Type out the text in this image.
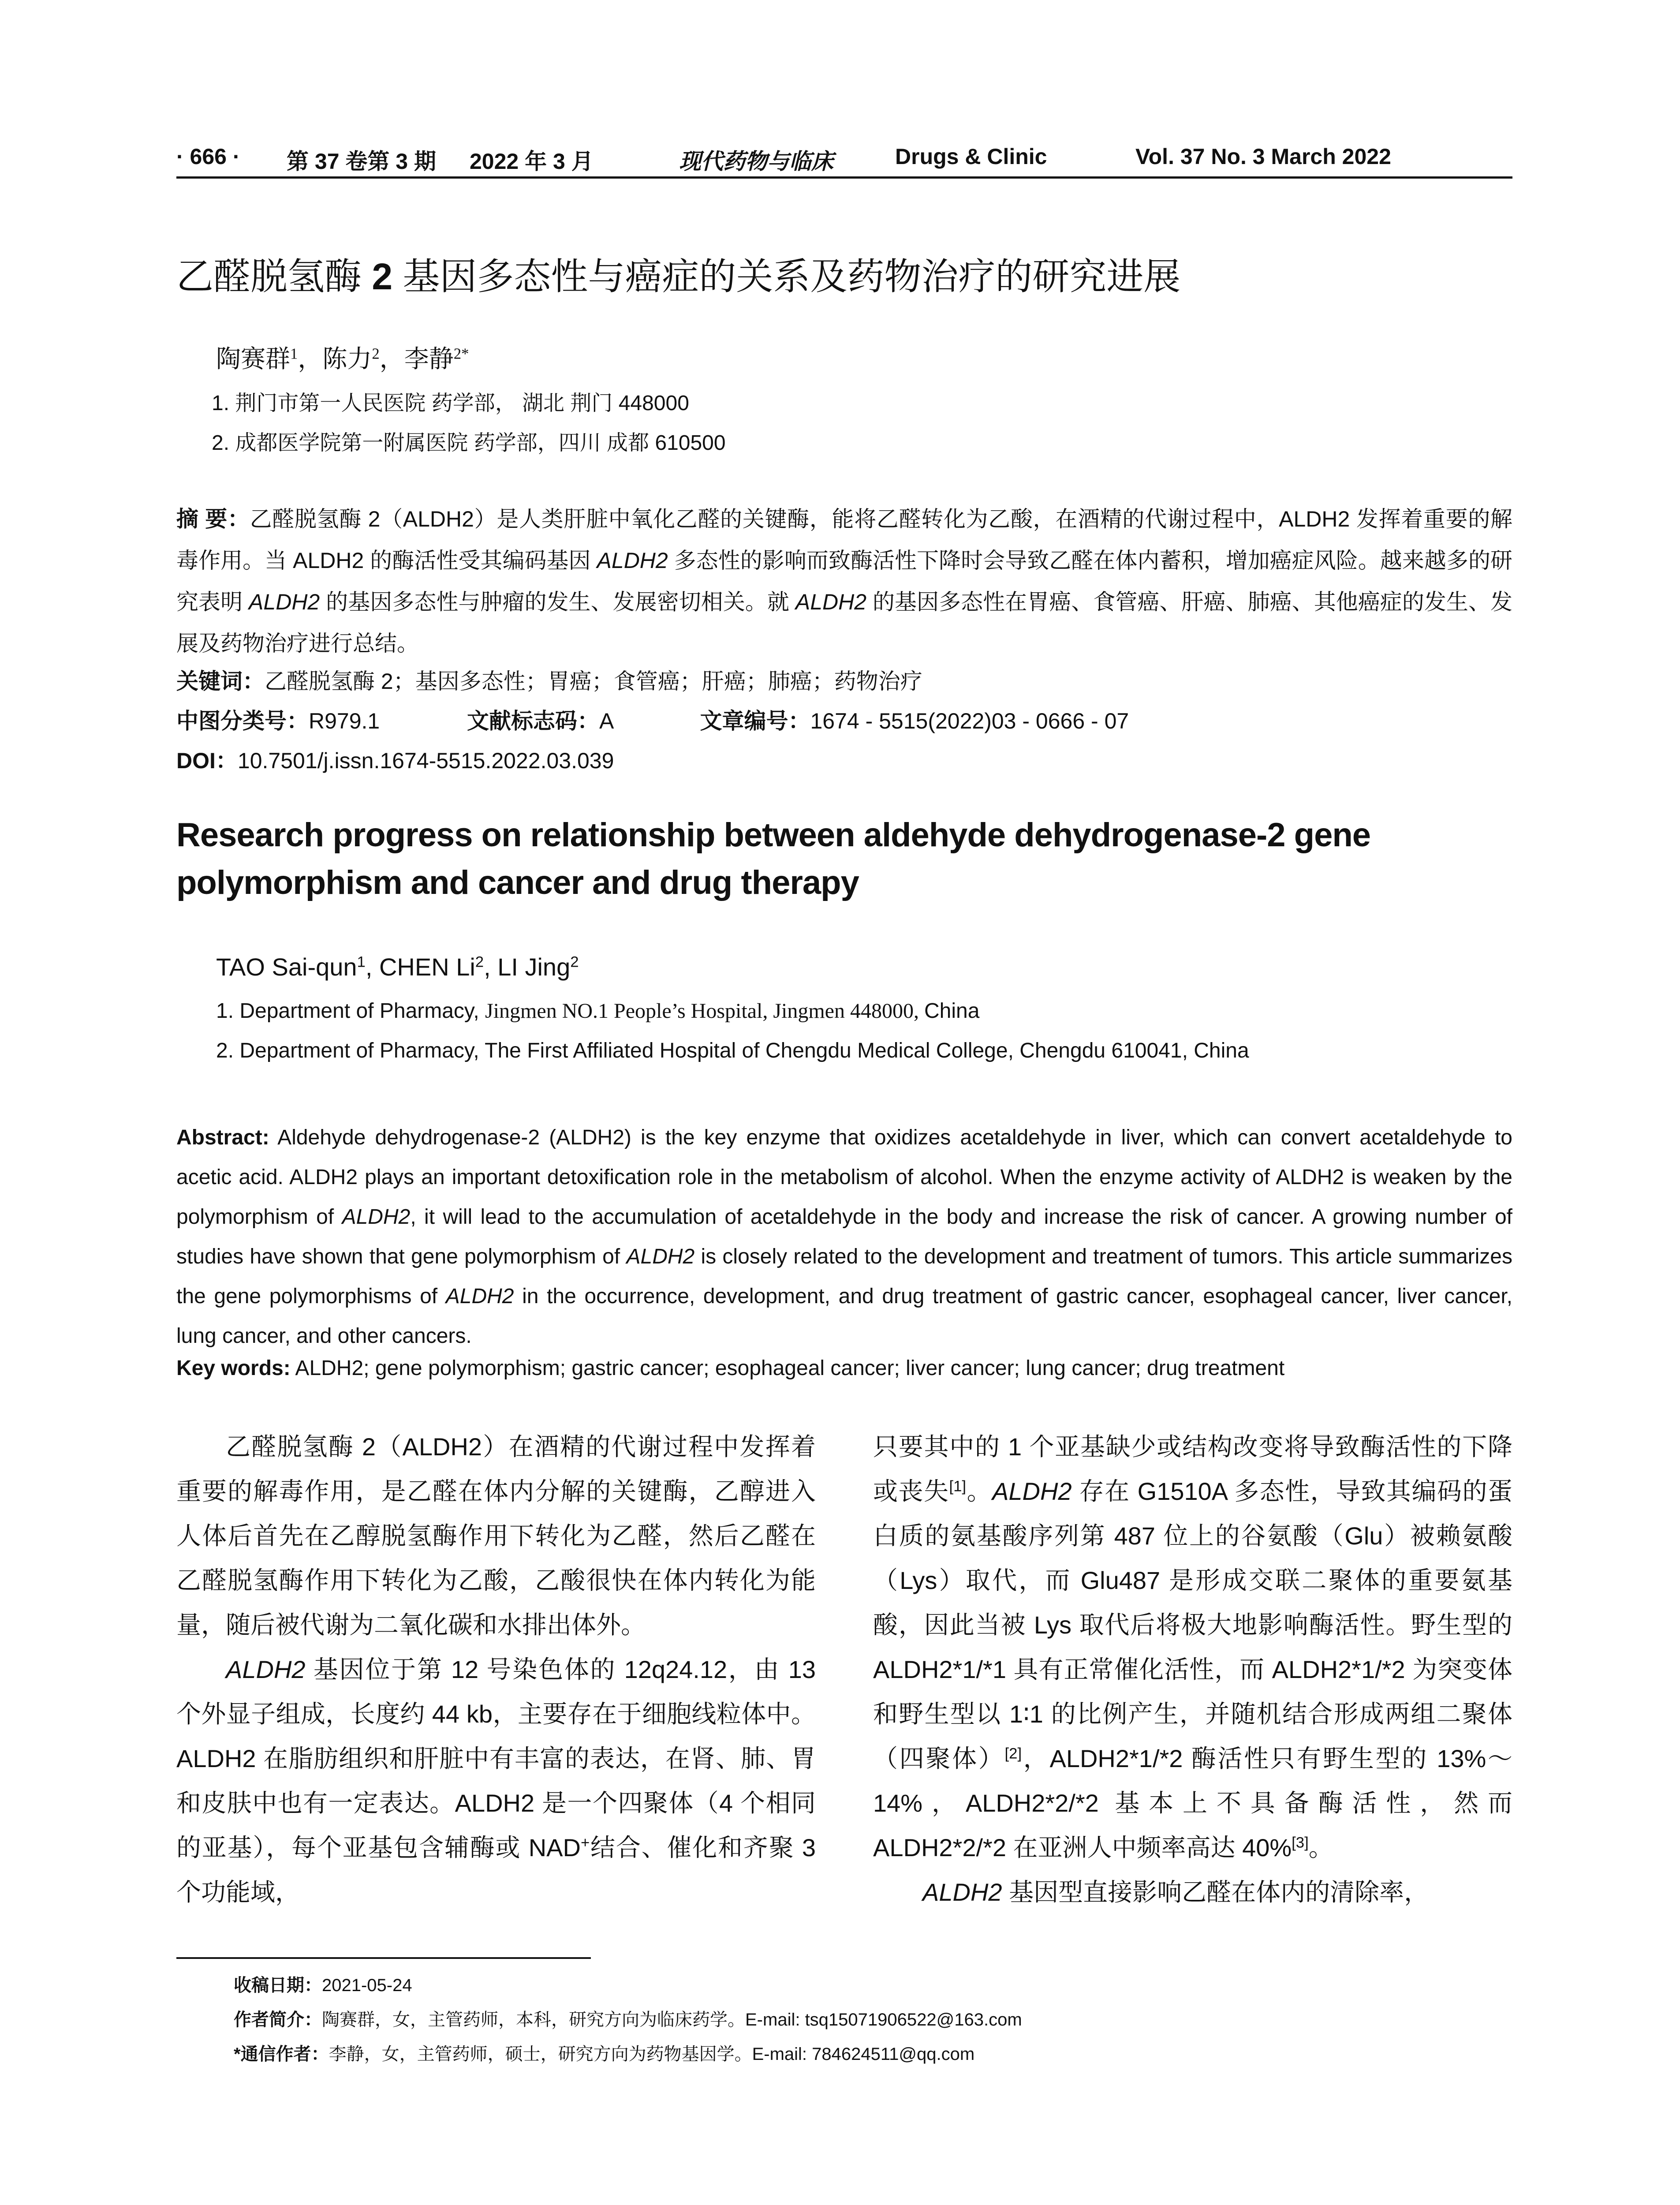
· 666 · 第 37 卷第 3 期 2022 年 3 月	现代药物与临床	Drugs & Clinic	Vol. 37 No. 3 March 2022
乙醛脱氢酶 2 基因多态性与癌症的关系及药物治疗的研究进展
陶赛群$^1$，陈力$^2$，李静$^{2*}$
1. 荆门市第一人民医院 药学部， 湖北 荆门 448000
2. 成都医学院第一附属医院 药学部，四川 成都 610500
摘 要：乙醛脱氢酶 2（ALDH2）是人类肝脏中氧化乙醛的关键酶，能将乙醛转化为乙酸，在酒精的代谢过程中，ALDH2 发挥着重要的解毒作用。当 ALDH2 的酶活性受其编码基因 ALDH2 多态性的影响而致酶活性下降时会导致乙醛在体内蓄积，增加癌症风险。越来越多的研究表明 ALDH2 的基因多态性与肿瘤的发生、发展密切相关。就 ALDH2 的基因多态性在胃癌、食管癌、肝癌、肺癌、其他癌症的发生、发展及药物治疗进行总结。
关键词：乙醛脱氢酶 2；基因多态性；胃癌；食管癌；肝癌；肺癌；药物治疗
中图分类号：R979.1	文献标志码：A	文章编号：1674 - 5515(2022)03 - 0666 - 07
DOI：10.7501/j.issn.1674-5515.2022.03.039
Research progress on relationship between aldehyde dehydrogenase-2 gene polymorphism and cancer and drug therapy
TAO Sai-qun$^1$, CHEN Li$^2$, LI Jing$^2$
1. Department of Pharmacy, Jingmen NO.1 People’s Hospital, Jingmen 448000, China
2. Department of Pharmacy, The First Affiliated Hospital of Chengdu Medical College, Chengdu 610041, China
Abstract: Aldehyde dehydrogenase-2 (ALDH2) is the key enzyme that oxidizes acetaldehyde in liver, which can convert acetaldehyde to acetic acid. ALDH2 plays an important detoxification role in the metabolism of alcohol. When the enzyme activity of ALDH2 is weaken by the polymorphism of ALDH2, it will lead to the accumulation of acetaldehyde in the body and increase the risk of cancer. A growing number of studies have shown that gene polymorphism of ALDH2 is closely related to the development and treatment of tumors. This article summarizes the gene polymorphisms of ALDH2 in the occurrence, development, and drug treatment of gastric cancer, esophageal cancer, liver cancer, lung cancer, and other cancers.
Key words: ALDH2; gene polymorphism; gastric cancer; esophageal cancer; liver cancer; lung cancer; drug treatment

乙醛脱氢酶 2（ALDH2）在酒精的代谢过程中发挥着重要的解毒作用，是乙醛在体内分解的关键酶，乙醇进入人体后首先在乙醇脱氢酶作用下转化为乙醛，然后乙醛在乙醛脱氢酶作用下转化为乙酸，乙酸很快在体内转化为能量，随后被代谢为二氧化碳和水排出体外。

ALDH2 基因位于第 12 号染色体的 12q24.12，由 13 个外显子组成，长度约 44 kb，主要存在于细胞线粒体中。ALDH2 在脂肪组织和肝脏中有丰富的表达，在肾、肺、胃和皮肤中也有一定表达。ALDH2 是一个四聚体（4 个相同的亚基），每个亚基包含辅酶或 NAD+结合、催化和齐聚 3 个功能域，

只要其中的 1 个亚基缺少或结构改变将导致酶活性的下降或丧失[1]。ALDH2 存在 G1510A 多态性，导致其编码的蛋白质的氨基酸序列第 487 位上的谷氨酸（Glu）被赖氨酸（Lys）取代，而 Glu487 是形成交联二聚体的重要氨基酸，因此当被 Lys 取代后将极大地影响酶活性。野生型的 ALDH2*1/*1 具有正常催化活性，而 ALDH2*1/*2 为突变体和野生型以 1∶1 的比例产生，并随机结合形成两组二聚体（四聚体）[2]，ALDH2*1/*2 酶活性只有野生型的 13%～14%，ALDH2*2/*2 基本上不具备酶活性，然而 ALDH2*2/*2 在亚洲人中频率高达 40%[3]。

ALDH2 基因型直接影响乙醛在体内的清除率，

收稿日期：2021-05-24
作者简介：陶赛群，女，主管药师，本科，研究方向为临床药学。E-mail: tsq15071906522@163.com
*通信作者：李静，女，主管药师，硕士，研究方向为药物基因学。E-mail: 784624511@qq.com
